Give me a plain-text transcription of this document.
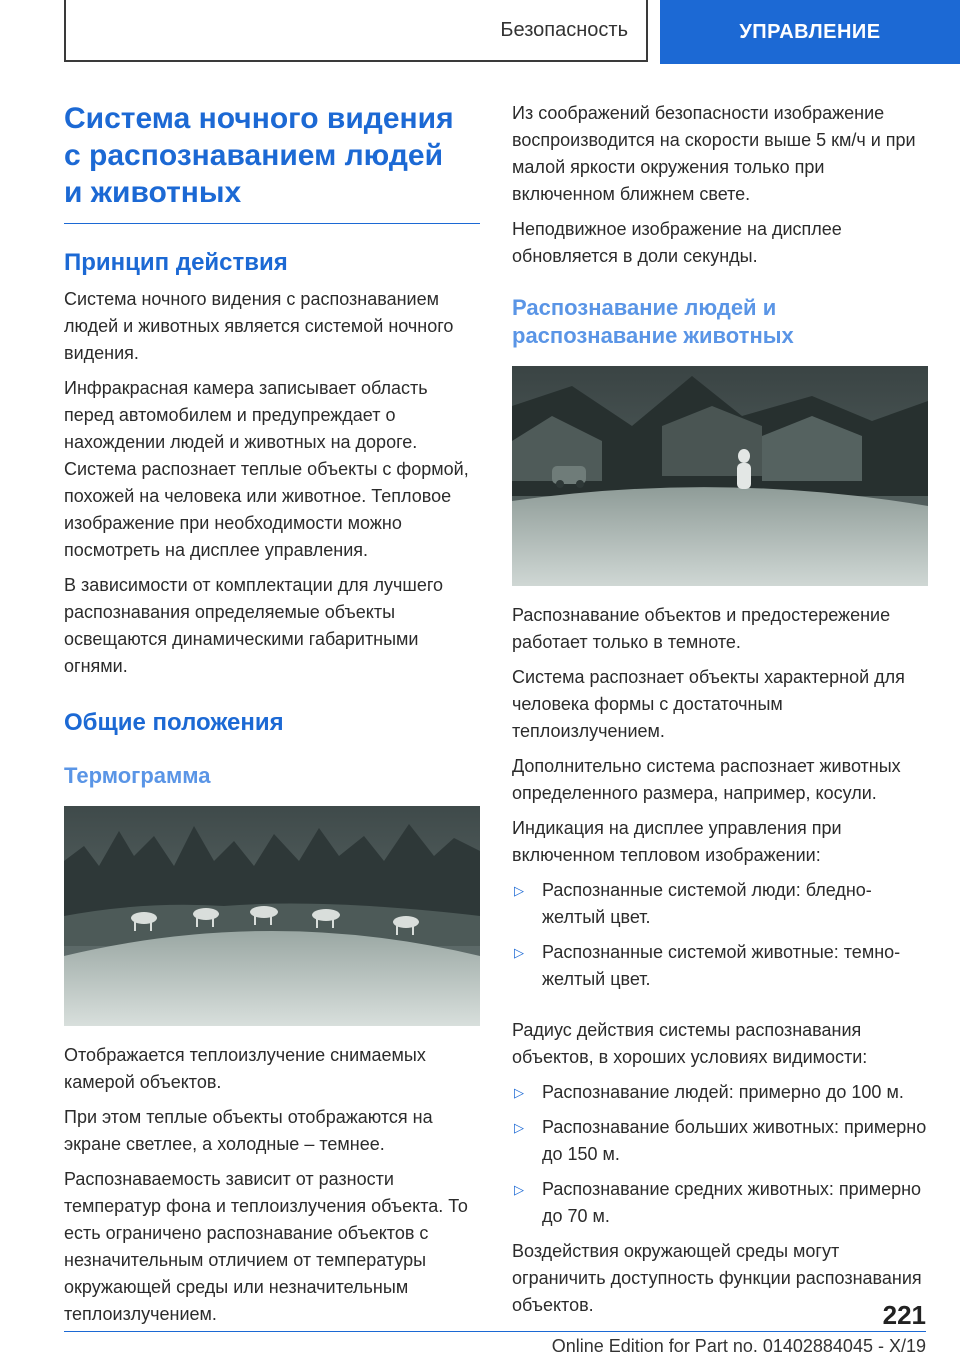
Безопасность	УПРАВЛЕНИЕ
Система ночного видения
с распознаванием людей
и животных
Принцип действия

Система ночного видения с распознаванием людей и животных является системой ночного видения.

Инфракрасная камера записывает область перед автомобилем и предупреждает о нахождении людей и животных на дороге. Система распознает теплые объекты с формой, похожей на человека или животное. Тепловое изображение при необходимости можно посмотреть на дисплее управления.

В зависимости от комплектации для лучшего распознавания определяемые объекты освещаются динамическими габаритными огнями.

Общие положения
Термограмма

Отображается теплоизлучение снимаемых камерой объектов.

При этом теплые объекты отображаются на экране светлее, а холодные – темнее.

Распознаваемость зависит от разности температур фона и теплоизлучения объекта. То есть ограничено распознавание объектов с незначительным отличием от температуры окружающей среды или незначительным теплоизлучением.

Из соображений безопасности изображение воспроизводится на скорости выше 5 км/ч и при малой яркости окружения только при включенном ближнем свете.

Неподвижное изображение на дисплее обновляется в доли секунды.

Распознавание людей и распознавание животных

Распознавание объектов и предостережение работает только в темноте.

Система распознает объекты характерной для человека формы с достаточным теплоизлучением.

Дополнительно система распознает животных определенного размера, например, косули.

Индикация на дисплее управления при включенном тепловом изображении:

▷	Распознанные системой люди: бледно-желтый цвет.
▷	Распознанные системой животные: темно-желтый цвет.

Радиус действия системы распознавания объектов, в хороших условиях видимости:

▷	Распознавание людей: примерно до 100 м.
▷	Распознавание больших животных: примерно до 150 м.
▷	Распознавание средних животных: примерно до 70 м.

Воздействия окружающей среды могут ограничить доступность функции распознавания объектов.	221
Online Edition for Part no. 01402884045 - X/19
